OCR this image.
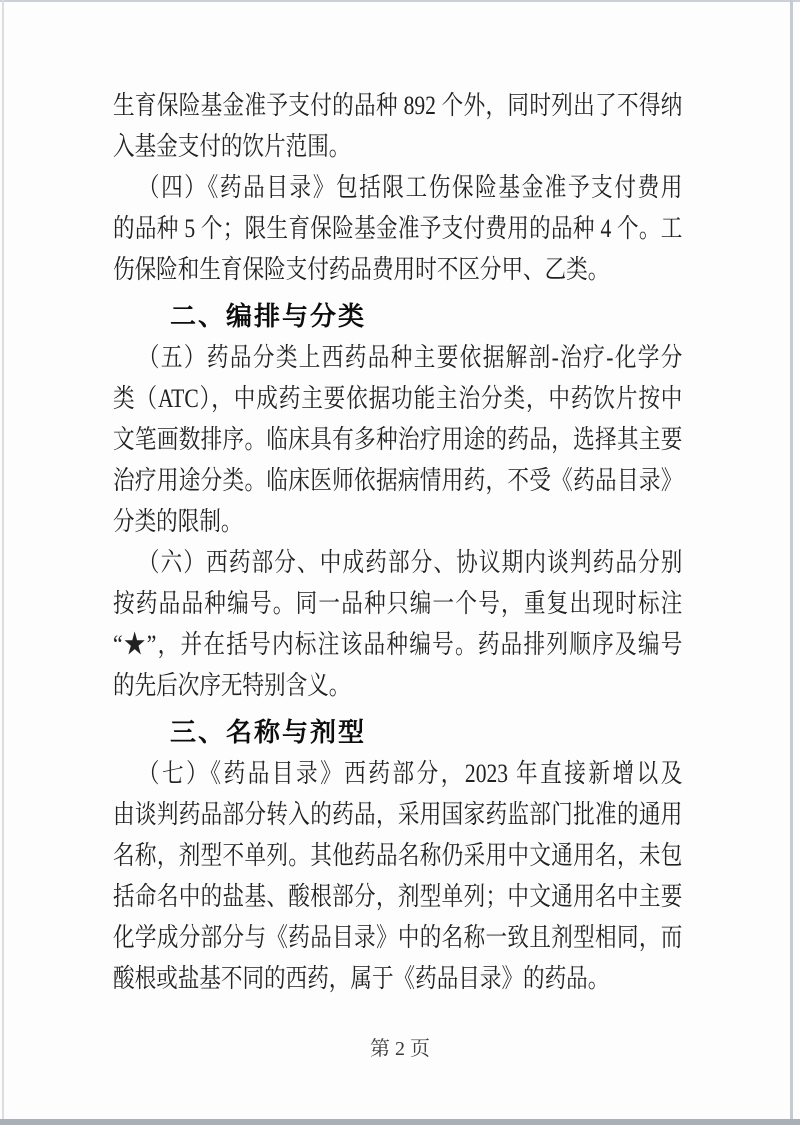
生育保险基金准予支付的品种 892 个外，同时列出了不得纳
入基金支付的饮片范围。
（四）《药品目录》包括限工伤保险基金准予支付费用
的品种 5 个；限生育保险基金准予支付费用的品种 4 个。工
伤保险和生育保险支付药品费用时不区分甲、乙类。
二、编排与分类
（五）药品分类上西药品种主要依据解剖-治疗-化学分
类（ATC），中成药主要依据功能主治分类，中药饮片按中
文笔画数排序。临床具有多种治疗用途的药品，选择其主要
治疗用途分类。临床医师依据病情用药，不受《药品目录》
分类的限制。
（六）西药部分、中成药部分、协议期内谈判药品分别
按药品品种编号。同一品种只编一个号，重复出现时标注
“★”，并在括号内标注该品种编号。药品排列顺序及编号
的先后次序无特别含义。
三、名称与剂型
（七）《药品目录》西药部分，2023 年直接新增以及
由谈判药品部分转入的药品，采用国家药监部门批准的通用
名称，剂型不单列。其他药品名称仍采用中文通用名，未包
括命名中的盐基、酸根部分，剂型单列；中文通用名中主要
化学成分部分与《药品目录》中的名称一致且剂型相同，而
酸根或盐基不同的西药，属于《药品目录》的药品。
第 2 页
